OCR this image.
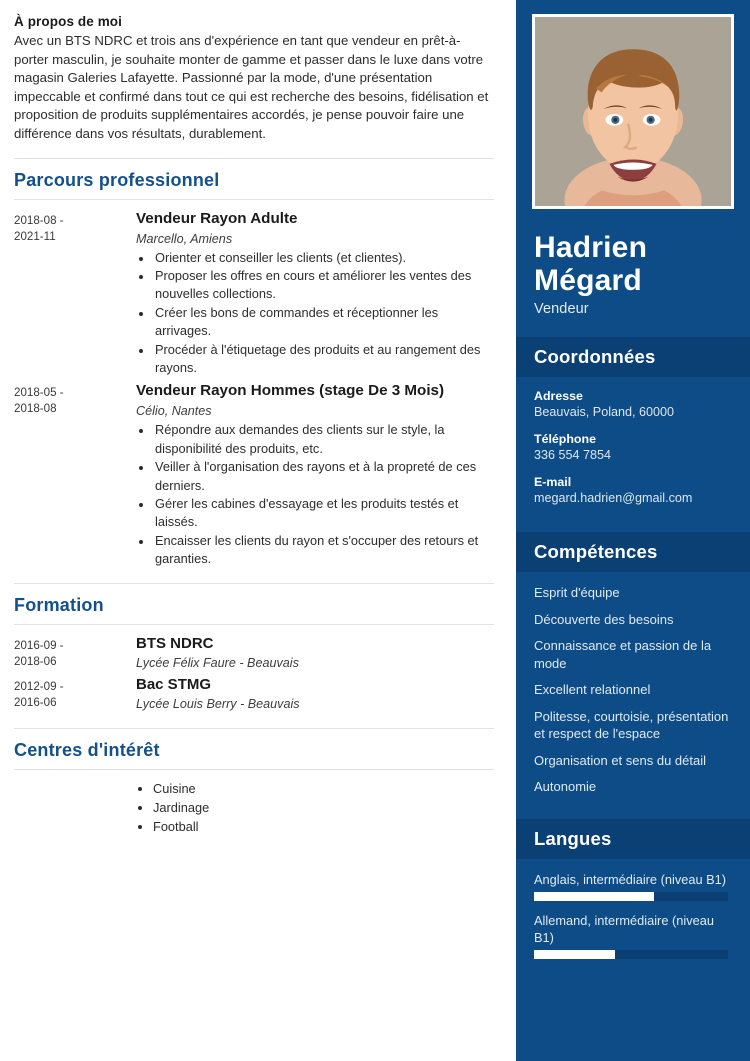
À propos de moi
Avec un BTS NDRC et trois ans d'expérience en tant que vendeur en prêt-à-porter masculin, je souhaite monter de gamme et passer dans le luxe dans votre magasin Galeries Lafayette. Passionné par la mode, d'une présentation impeccable et confirmé dans tout ce qui est recherche des besoins, fidélisation et proposition de produits supplémentaires accordés, je pense pouvoir faire une différence dans vos résultats, durablement.
Parcours professionnel
2018-08 -
2021-11
Vendeur Rayon Adulte
Marcello, Amiens
• Orienter et conseiller les clients (et clientes).
• Proposer les offres en cours et améliorer les ventes des nouvelles collections.
• Créer les bons de commandes et réceptionner les arrivages.
• Procéder à l'étiquetage des produits et au rangement des rayons.
2018-05 -
2018-08
Vendeur Rayon Hommes (stage De 3 Mois)
Célio, Nantes
• Répondre aux demandes des clients sur le style, la disponibilité des produits, etc.
• Veiller à l'organisation des rayons et à la propreté de ces derniers.
• Gérer les cabines d'essayage et les produits testés et laissés.
• Encaisser les clients du rayon et s'occuper des retours et garanties.
Formation
2016-09 -
2018-06
BTS NDRC
Lycée Félix Faure - Beauvais
2012-09 -
2016-06
Bac STMG
Lycée Louis Berry - Beauvais
Centres d'intérêt
• Cuisine
• Jardinage
• Football
Hadrien
Mégard
Vendeur
Coordonnées
Adresse
Beauvais, Poland, 60000
Téléphone
336 554 7854
E-mail
megard.hadrien@gmail.com
Compétences
Esprit d'équipe
Découverte des besoins
Connaissance et passion de la mode
Excellent relationnel
Politesse, courtoisie, présentation et respect de l'espace
Organisation et sens du détail
Autonomie
Langues
Anglais, intermédiaire (niveau B1)
Allemand, intermédiaire (niveau B1)
